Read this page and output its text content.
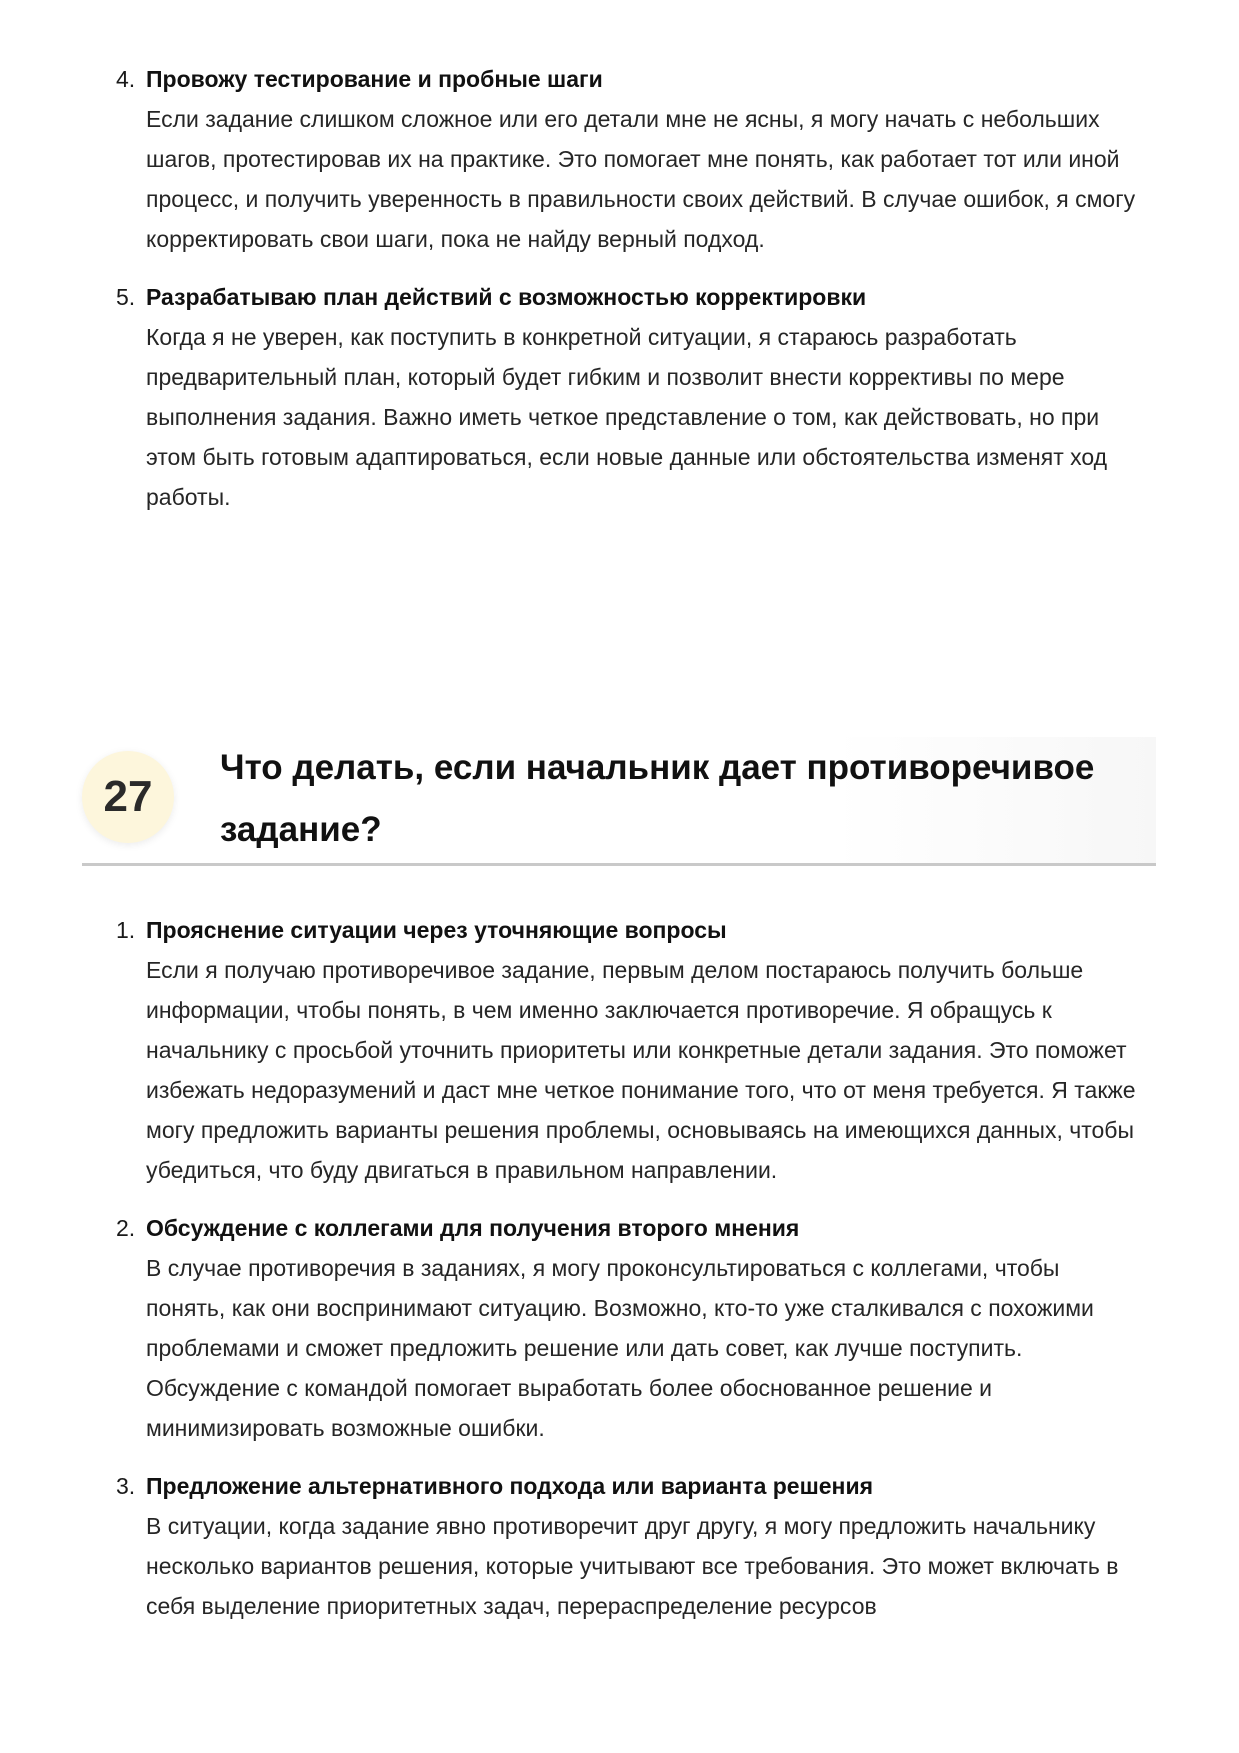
4. Провожу тестирование и пробные шаги
Если задание слишком сложное или его детали мне не ясны, я могу начать с небольших шагов, протестировав их на практике. Это помогает мне понять, как работает тот или иной процесс, и получить уверенность в правильности своих действий. В случае ошибок, я смогу корректировать свои шаги, пока не найду верный подход.
5. Разрабатываю план действий с возможностью корректировки
Когда я не уверен, как поступить в конкретной ситуации, я стараюсь разработать предварительный план, который будет гибким и позволит внести коррективы по мере выполнения задания. Важно иметь четкое представление о том, как действовать, но при этом быть готовым адаптироваться, если новые данные или обстоятельства изменят ход работы.
27
Что делать, если начальник дает противоречивое задание?
1. Прояснение ситуации через уточняющие вопросы
Если я получаю противоречивое задание, первым делом постараюсь получить больше информации, чтобы понять, в чем именно заключается противоречие. Я обращусь к начальнику с просьбой уточнить приоритеты или конкретные детали задания. Это поможет избежать недоразумений и даст мне четкое понимание того, что от меня требуется. Я также могу предложить варианты решения проблемы, основываясь на имеющихся данных, чтобы убедиться, что буду двигаться в правильном направлении.
2. Обсуждение с коллегами для получения второго мнения
В случае противоречия в заданиях, я могу проконсультироваться с коллегами, чтобы понять, как они воспринимают ситуацию. Возможно, кто-то уже сталкивался с похожими проблемами и сможет предложить решение или дать совет, как лучше поступить. Обсуждение с командой помогает выработать более обоснованное решение и минимизировать возможные ошибки.
3. Предложение альтернативного подхода или варианта решения
В ситуации, когда задание явно противоречит друг другу, я могу предложить начальнику несколько вариантов решения, которые учитывают все требования. Это может включать в себя выделение приоритетных задач, перераспределение ресурсов
